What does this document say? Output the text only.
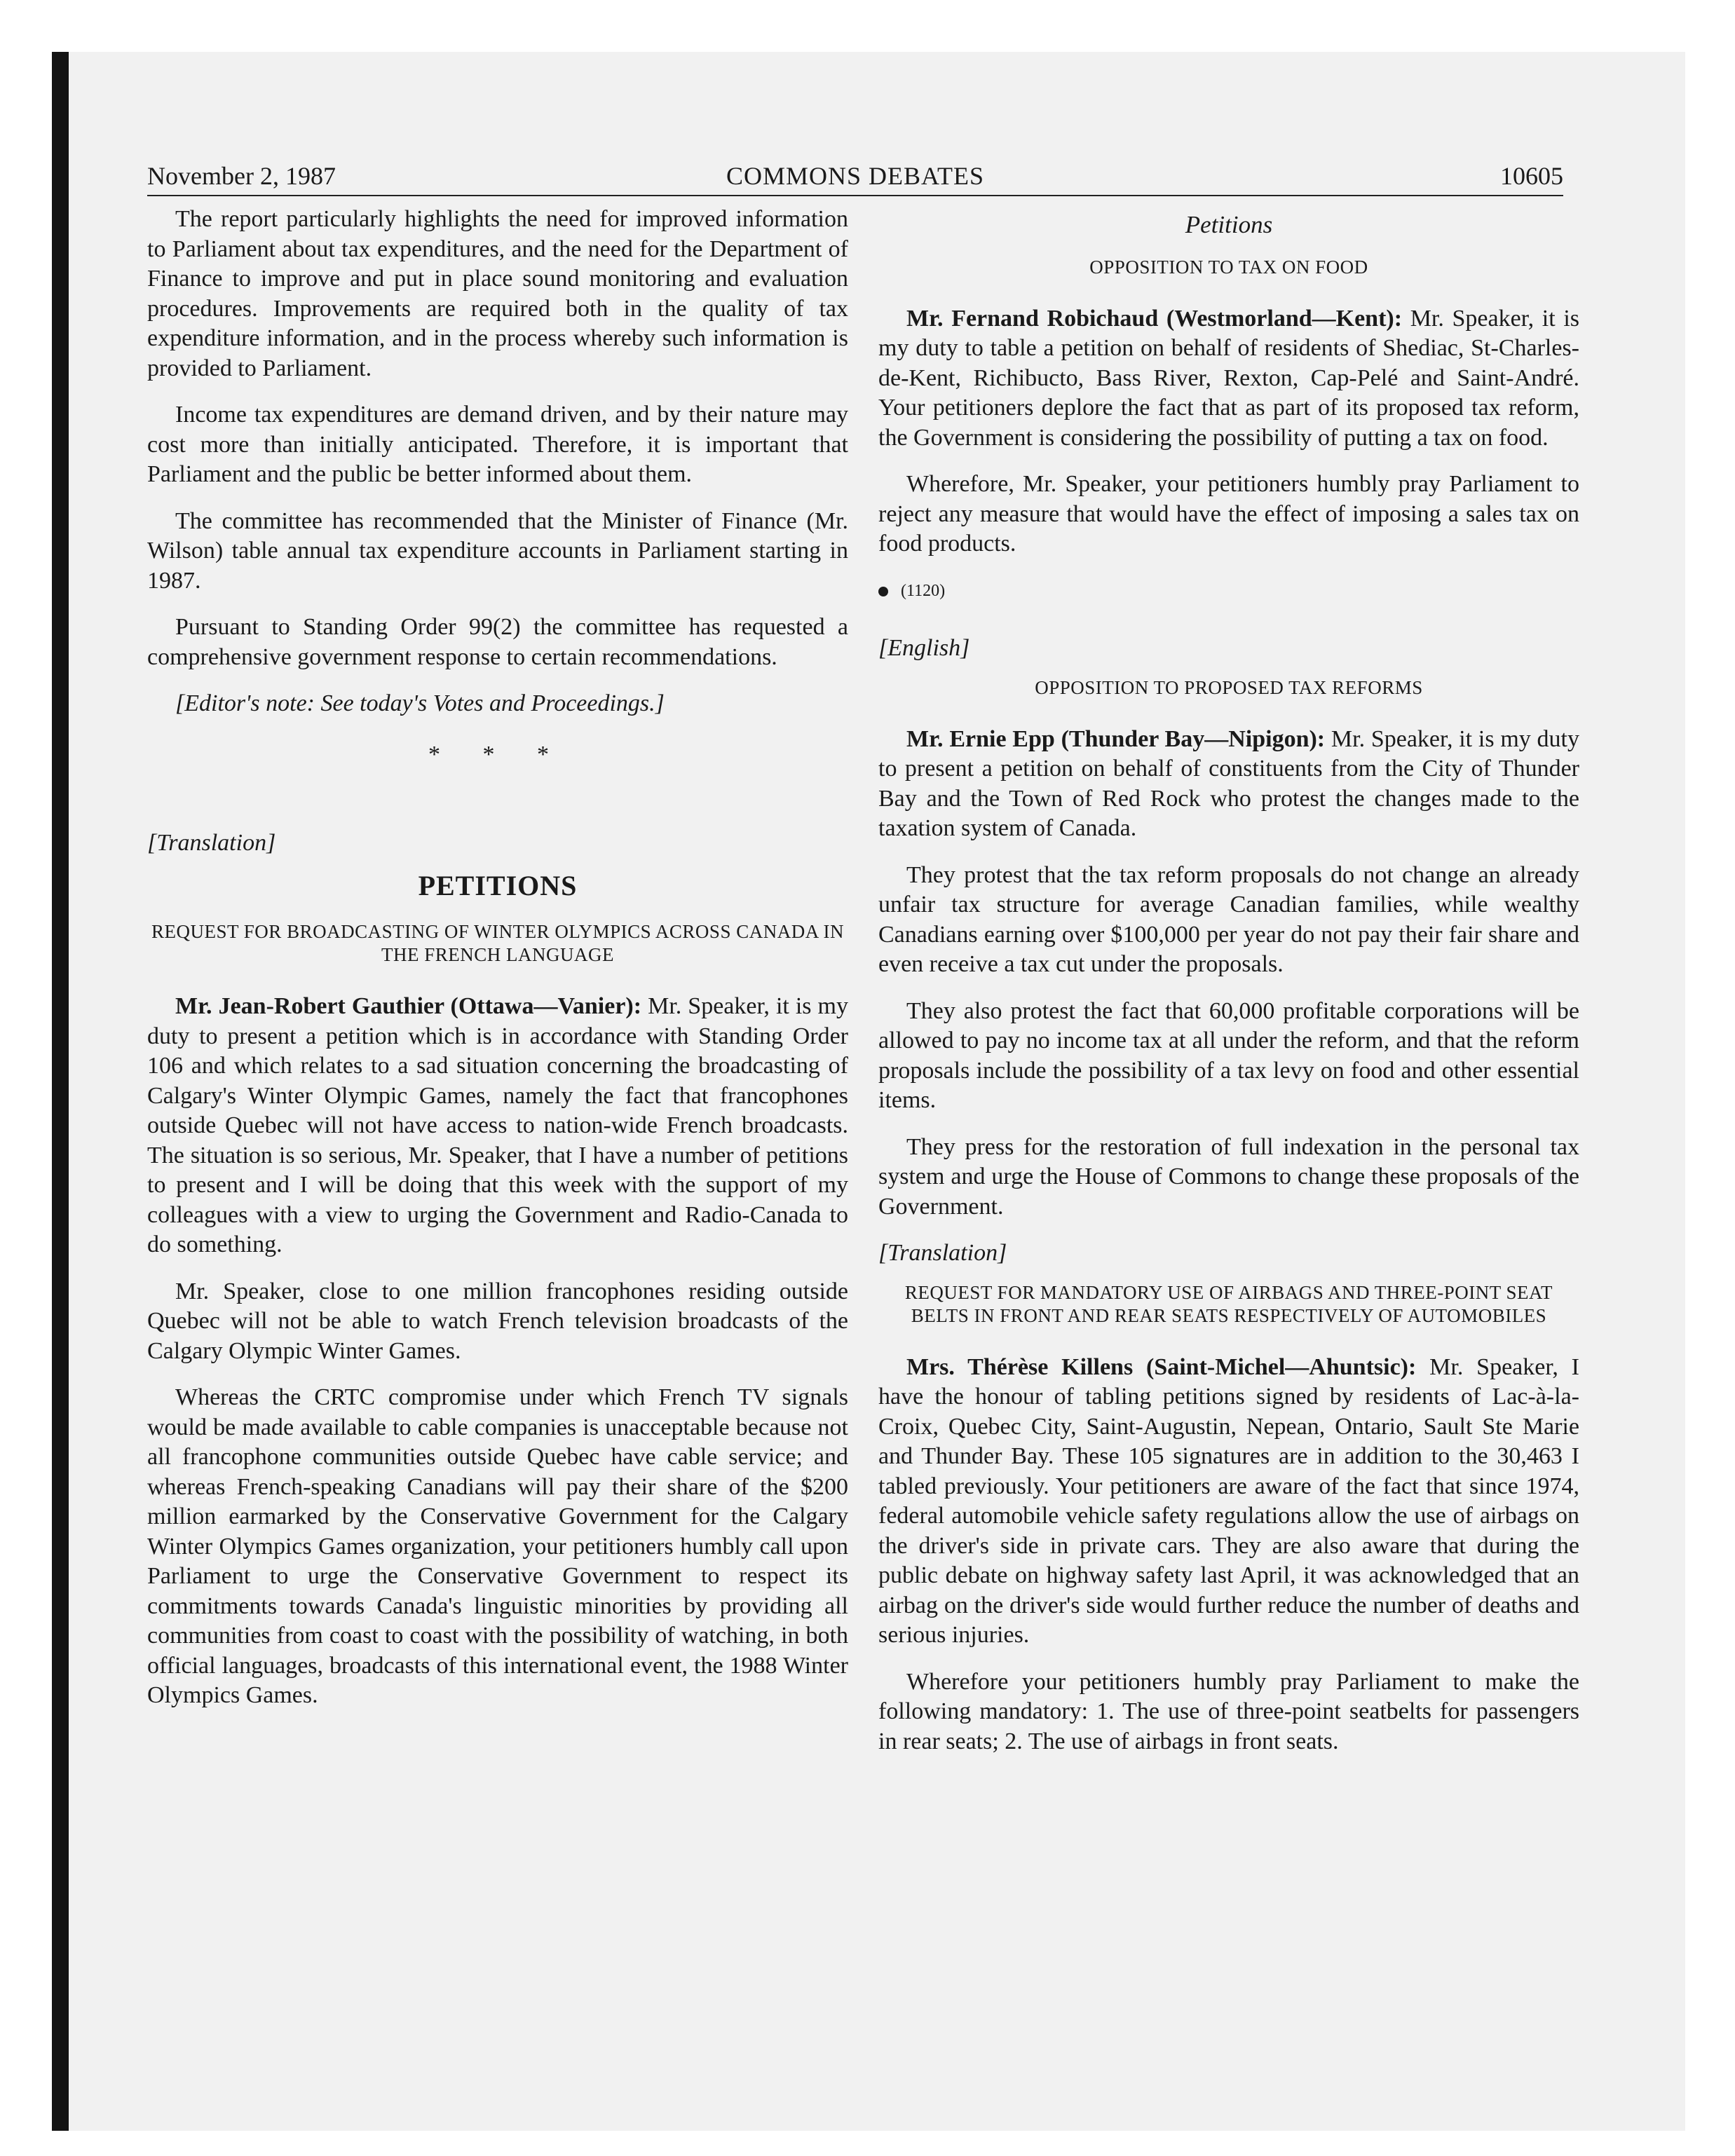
November 2, 1987	COMMONS DEBATES	10605

The report particularly highlights the need for improved information to Parliament about tax expenditures, and the need for the Department of Finance to improve and put in place sound monitoring and evaluation procedures. Improvements are required both in the quality of tax expenditure information, and in the process whereby such information is provided to Parliament.

Income tax expenditures are demand driven, and by their nature may cost more than initially anticipated. Therefore, it is important that Parliament and the public be better informed about them.

The committee has recommended that the Minister of Finance (Mr. Wilson) table annual tax expenditure accounts in Parliament starting in 1987.

Pursuant to Standing Order 99(2) the committee has requested a comprehensive government response to certain recommendations.

[Editor's note: See today's Votes and Proceedings.]

* * *
[Translation]
PETITIONS
REQUEST FOR BROADCASTING OF WINTER OLYMPICS ACROSS CANADA IN THE FRENCH LANGUAGE

Mr. Jean-Robert Gauthier (Ottawa—Vanier): Mr. Speaker, it is my duty to present a petition which is in accordance with Standing Order 106 and which relates to a sad situation concerning the broadcasting of Calgary's Winter Olympic Games, namely the fact that francophones outside Quebec will not have access to nation-wide French broadcasts. The situation is so serious, Mr. Speaker, that I have a number of petitions to present and I will be doing that this week with the support of my colleagues with a view to urging the Government and Radio-Canada to do something.

Mr. Speaker, close to one million francophones residing outside Quebec will not be able to watch French television broadcasts of the Calgary Olympic Winter Games.

Whereas the CRTC compromise under which French TV signals would be made available to cable companies is unacceptable because not all francophone communities outside Quebec have cable service; and whereas French-speaking Canadians will pay their share of the $200 million earmarked by the Conservative Government for the Calgary Winter Olympics Games organization, your petitioners humbly call upon Parliament to urge the Conservative Government to respect its commitments towards Canada's linguistic minorities by providing all communities from coast to coast with the possibility of watching, in both official languages, broadcasts of this international event, the 1988 Winter Olympics Games.

Petitions
OPPOSITION TO TAX ON FOOD

Mr. Fernand Robichaud (Westmorland—Kent): Mr. Speaker, it is my duty to table a petition on behalf of residents of Shediac, St-Charles-de-Kent, Richibucto, Bass River, Rexton, Cap-Pelé and Saint-André. Your petitioners deplore the fact that as part of its proposed tax reform, the Government is considering the possibility of putting a tax on food.

Wherefore, Mr. Speaker, your petitioners humbly pray Parliament to reject any measure that would have the effect of imposing a sales tax on food products.

(1120)
[English]
OPPOSITION TO PROPOSED TAX REFORMS

Mr. Ernie Epp (Thunder Bay—Nipigon): Mr. Speaker, it is my duty to present a petition on behalf of constituents from the City of Thunder Bay and the Town of Red Rock who protest the changes made to the taxation system of Canada.

They protest that the tax reform proposals do not change an already unfair tax structure for average Canadian families, while wealthy Canadians earning over $100,000 per year do not pay their fair share and even receive a tax cut under the proposals.

They also protest the fact that 60,000 profitable corporations will be allowed to pay no income tax at all under the reform, and that the reform proposals include the possibility of a tax levy on food and other essential items.

They press for the restoration of full indexation in the personal tax system and urge the House of Commons to change these proposals of the Government.

[Translation]
REQUEST FOR MANDATORY USE OF AIRBAGS AND THREE-POINT SEAT BELTS IN FRONT AND REAR SEATS RESPECTIVELY OF AUTOMOBILES

Mrs. Thérèse Killens (Saint-Michel—Ahuntsic): Mr. Speaker, I have the honour of tabling petitions signed by residents of Lac-à-la-Croix, Quebec City, Saint-Augustin, Nepean, Ontario, Sault Ste Marie and Thunder Bay. These 105 signatures are in addition to the 30,463 I tabled previously. Your petitioners are aware of the fact that since 1974, federal automobile vehicle safety regulations allow the use of airbags on the driver's side in private cars. They are also aware that during the public debate on highway safety last April, it was acknowledged that an airbag on the driver's side would further reduce the number of deaths and serious injuries.

Wherefore your petitioners humbly pray Parliament to make the following mandatory: 1. The use of three-point seatbelts for passengers in rear seats; 2. The use of airbags in front seats.
